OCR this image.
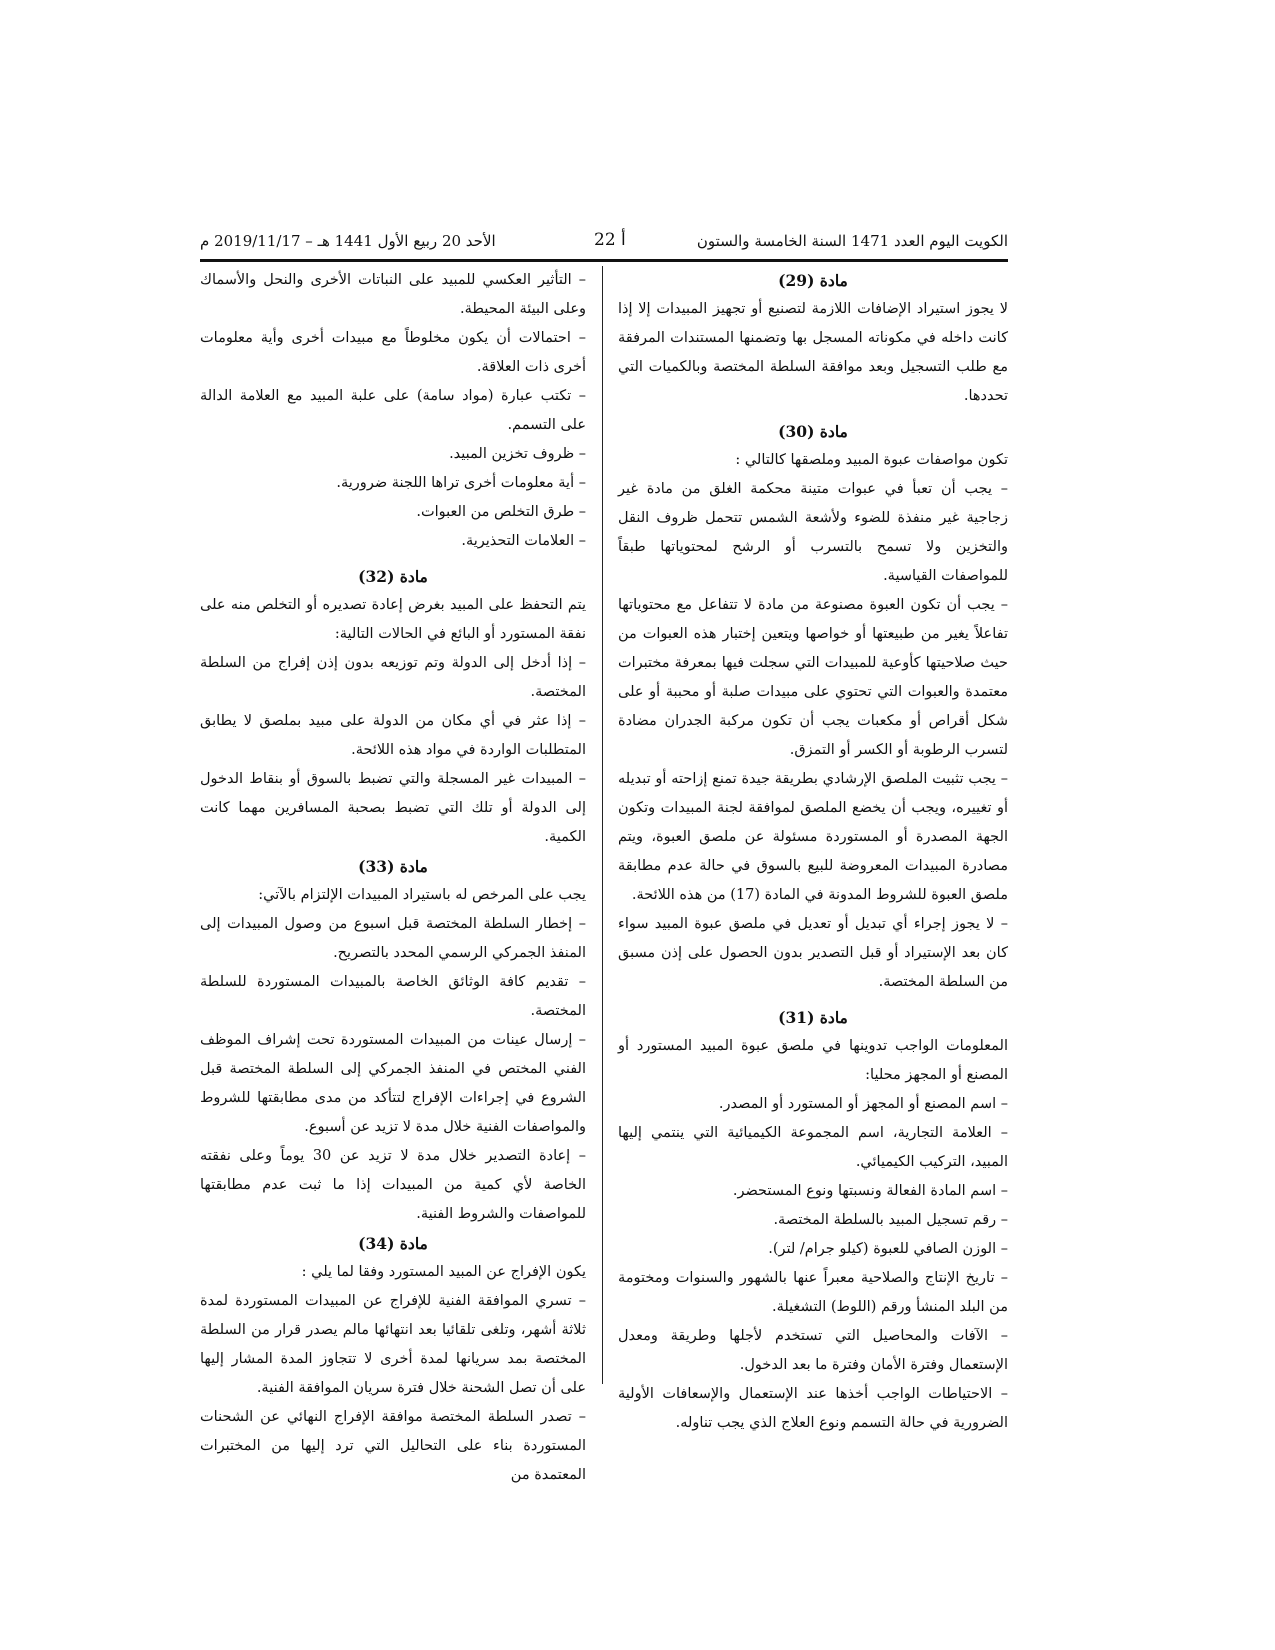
الكويت اليوم العدد 1471 السنة الخامسة والستون
أ 22
الأحد 20 ربيع الأول 1441 هـ – 2019/11/17 م

مادة (29)

لا يجوز استيراد الإضافات اللازمة لتصنيع أو تجهيز المبيدات إلا إذا كانت داخله في مكوناته المسجل بها وتضمنها المستندات المرفقة مع طلب التسجيل وبعد موافقة السلطة المختصة وبالكميات التي تحددها.

مادة (30)

تكون مواصفات عبوة المبيد وملصقها كالتالي :

– يجب أن تعبأ في عبوات متينة محكمة الغلق من مادة غير زجاجية غير منفذة للضوء ولأشعة الشمس تتحمل ظروف النقل والتخزين ولا تسمح بالتسرب أو الرشح لمحتوياتها طبقاً للمواصفات القياسية.

– يجب أن تكون العبوة مصنوعة من مادة لا تتفاعل مع محتوياتها تفاعلاً يغير من طبيعتها أو خواصها ويتعين إختبار هذه العبوات من حيث صلاحيتها كأوعية للمبيدات التي سجلت فيها بمعرفة مختبرات معتمدة والعبوات التي تحتوي على مبيدات صلبة أو محببة أو على شكل أقراص أو مكعبات يجب أن تكون مركبة الجدران مضادة لتسرب الرطوبة أو الكسر أو التمزق.

– يجب تثبيت الملصق الإرشادي بطريقة جيدة تمنع إزاحته أو تبديله أو تغييره، ويجب أن يخضع الملصق لموافقة لجنة المبيدات وتكون الجهة المصدرة أو المستوردة مسئولة عن ملصق العبوة، ويتم مصادرة المبيدات المعروضة للبيع بالسوق في حالة عدم مطابقة ملصق العبوة للشروط المدونة في المادة (17) من هذه اللائحة.

– لا يجوز إجراء أي تبديل أو تعديل في ملصق عبوة المبيد سواء كان بعد الإستيراد أو قبل التصدير بدون الحصول على إذن مسبق من السلطة المختصة.

مادة (31)

المعلومات الواجب تدوينها في ملصق عبوة المبيد المستورد أو المصنع أو المجهز محليا:

– اسم المصنع أو المجهز أو المستورد أو المصدر.

– العلامة التجارية، اسم المجموعة الكيميائية التي ينتمي إليها المبيد، التركيب الكيميائي.

– اسم المادة الفعالة ونسبتها ونوع المستحضر.

– رقم تسجيل المبيد بالسلطة المختصة.

– الوزن الصافي للعبوة (كيلو جرام/ لتر).

– تاريخ الإنتاج والصلاحية معبراً عنها بالشهور والسنوات ومختومة من البلد المنشأ ورقم (اللوط) التشغيلة.

– الآفات والمحاصيل التي تستخدم لأجلها وطريقة ومعدل الإستعمال وفترة الأمان وفترة ما بعد الدخول.

– الاحتياطات الواجب أخذها عند الإستعمال والإسعافات الأولية الضرورية في حالة التسمم ونوع العلاج الذي يجب تناوله.

– التأثير العكسي للمبيد على النباتات الأخرى والنحل والأسماك وعلى البيئة المحيطة.

– احتمالات أن يكون مخلوطاً مع مبيدات أخرى وأية معلومات أخرى ذات العلاقة.

– تكتب عبارة (مواد سامة) على علبة المبيد مع العلامة الدالة على التسمم.

– ظروف تخزين المبيد.

– أية معلومات أخرى تراها اللجنة ضرورية.

– طرق التخلص من العبوات.

– العلامات التحذيرية.

مادة (32)

يتم التحفظ على المبيد بغرض إعادة تصديره أو التخلص منه على نفقة المستورد أو البائع في الحالات التالية:

– إذا أدخل إلى الدولة وتم توزيعه بدون إذن إفراج من السلطة المختصة.

– إذا عثر في أي مكان من الدولة على مبيد بملصق لا يطابق المتطلبات الواردة في مواد هذه اللائحة.

– المبيدات غير المسجلة والتي تضبط بالسوق أو بنقاط الدخول إلى الدولة أو تلك التي تضبط بصحبة المسافرين مهما كانت الكمية.

مادة (33)

يجب على المرخص له باستيراد المبيدات الإلتزام بالآتي:

– إخطار السلطة المختصة قبل اسبوع من وصول المبيدات إلى المنفذ الجمركي الرسمي المحدد بالتصريح.

– تقديم كافة الوثائق الخاصة بالمبيدات المستوردة للسلطة المختصة.

– إرسال عينات من المبيدات المستوردة تحت إشراف الموظف الفني المختص في المنفذ الجمركي إلى السلطة المختصة قبل الشروع في إجراءات الإفراج لتتأكد من مدى مطابقتها للشروط والمواصفات الفنية خلال مدة لا تزيد عن أسبوع.

– إعادة التصدير خلال مدة لا تزيد عن 30 يوماً وعلى نفقته الخاصة لأي كمية من المبيدات إذا ما ثبت عدم مطابقتها للمواصفات والشروط الفنية.

مادة (34)

يكون الإفراج عن المبيد المستورد وفقا لما يلي :

– تسري الموافقة الفنية للإفراج عن المبيدات المستوردة لمدة ثلاثة أشهر، وتلغى تلقائيا بعد انتهائها مالم يصدر قرار من السلطة المختصة بمد سريانها لمدة أخرى لا تتجاوز المدة المشار إليها على أن تصل الشحنة خلال فترة سريان الموافقة الفنية.

– تصدر السلطة المختصة موافقة الإفراج النهائي عن الشحنات المستوردة بناء على التحاليل التي ترد إليها من المختبرات المعتمدة من
